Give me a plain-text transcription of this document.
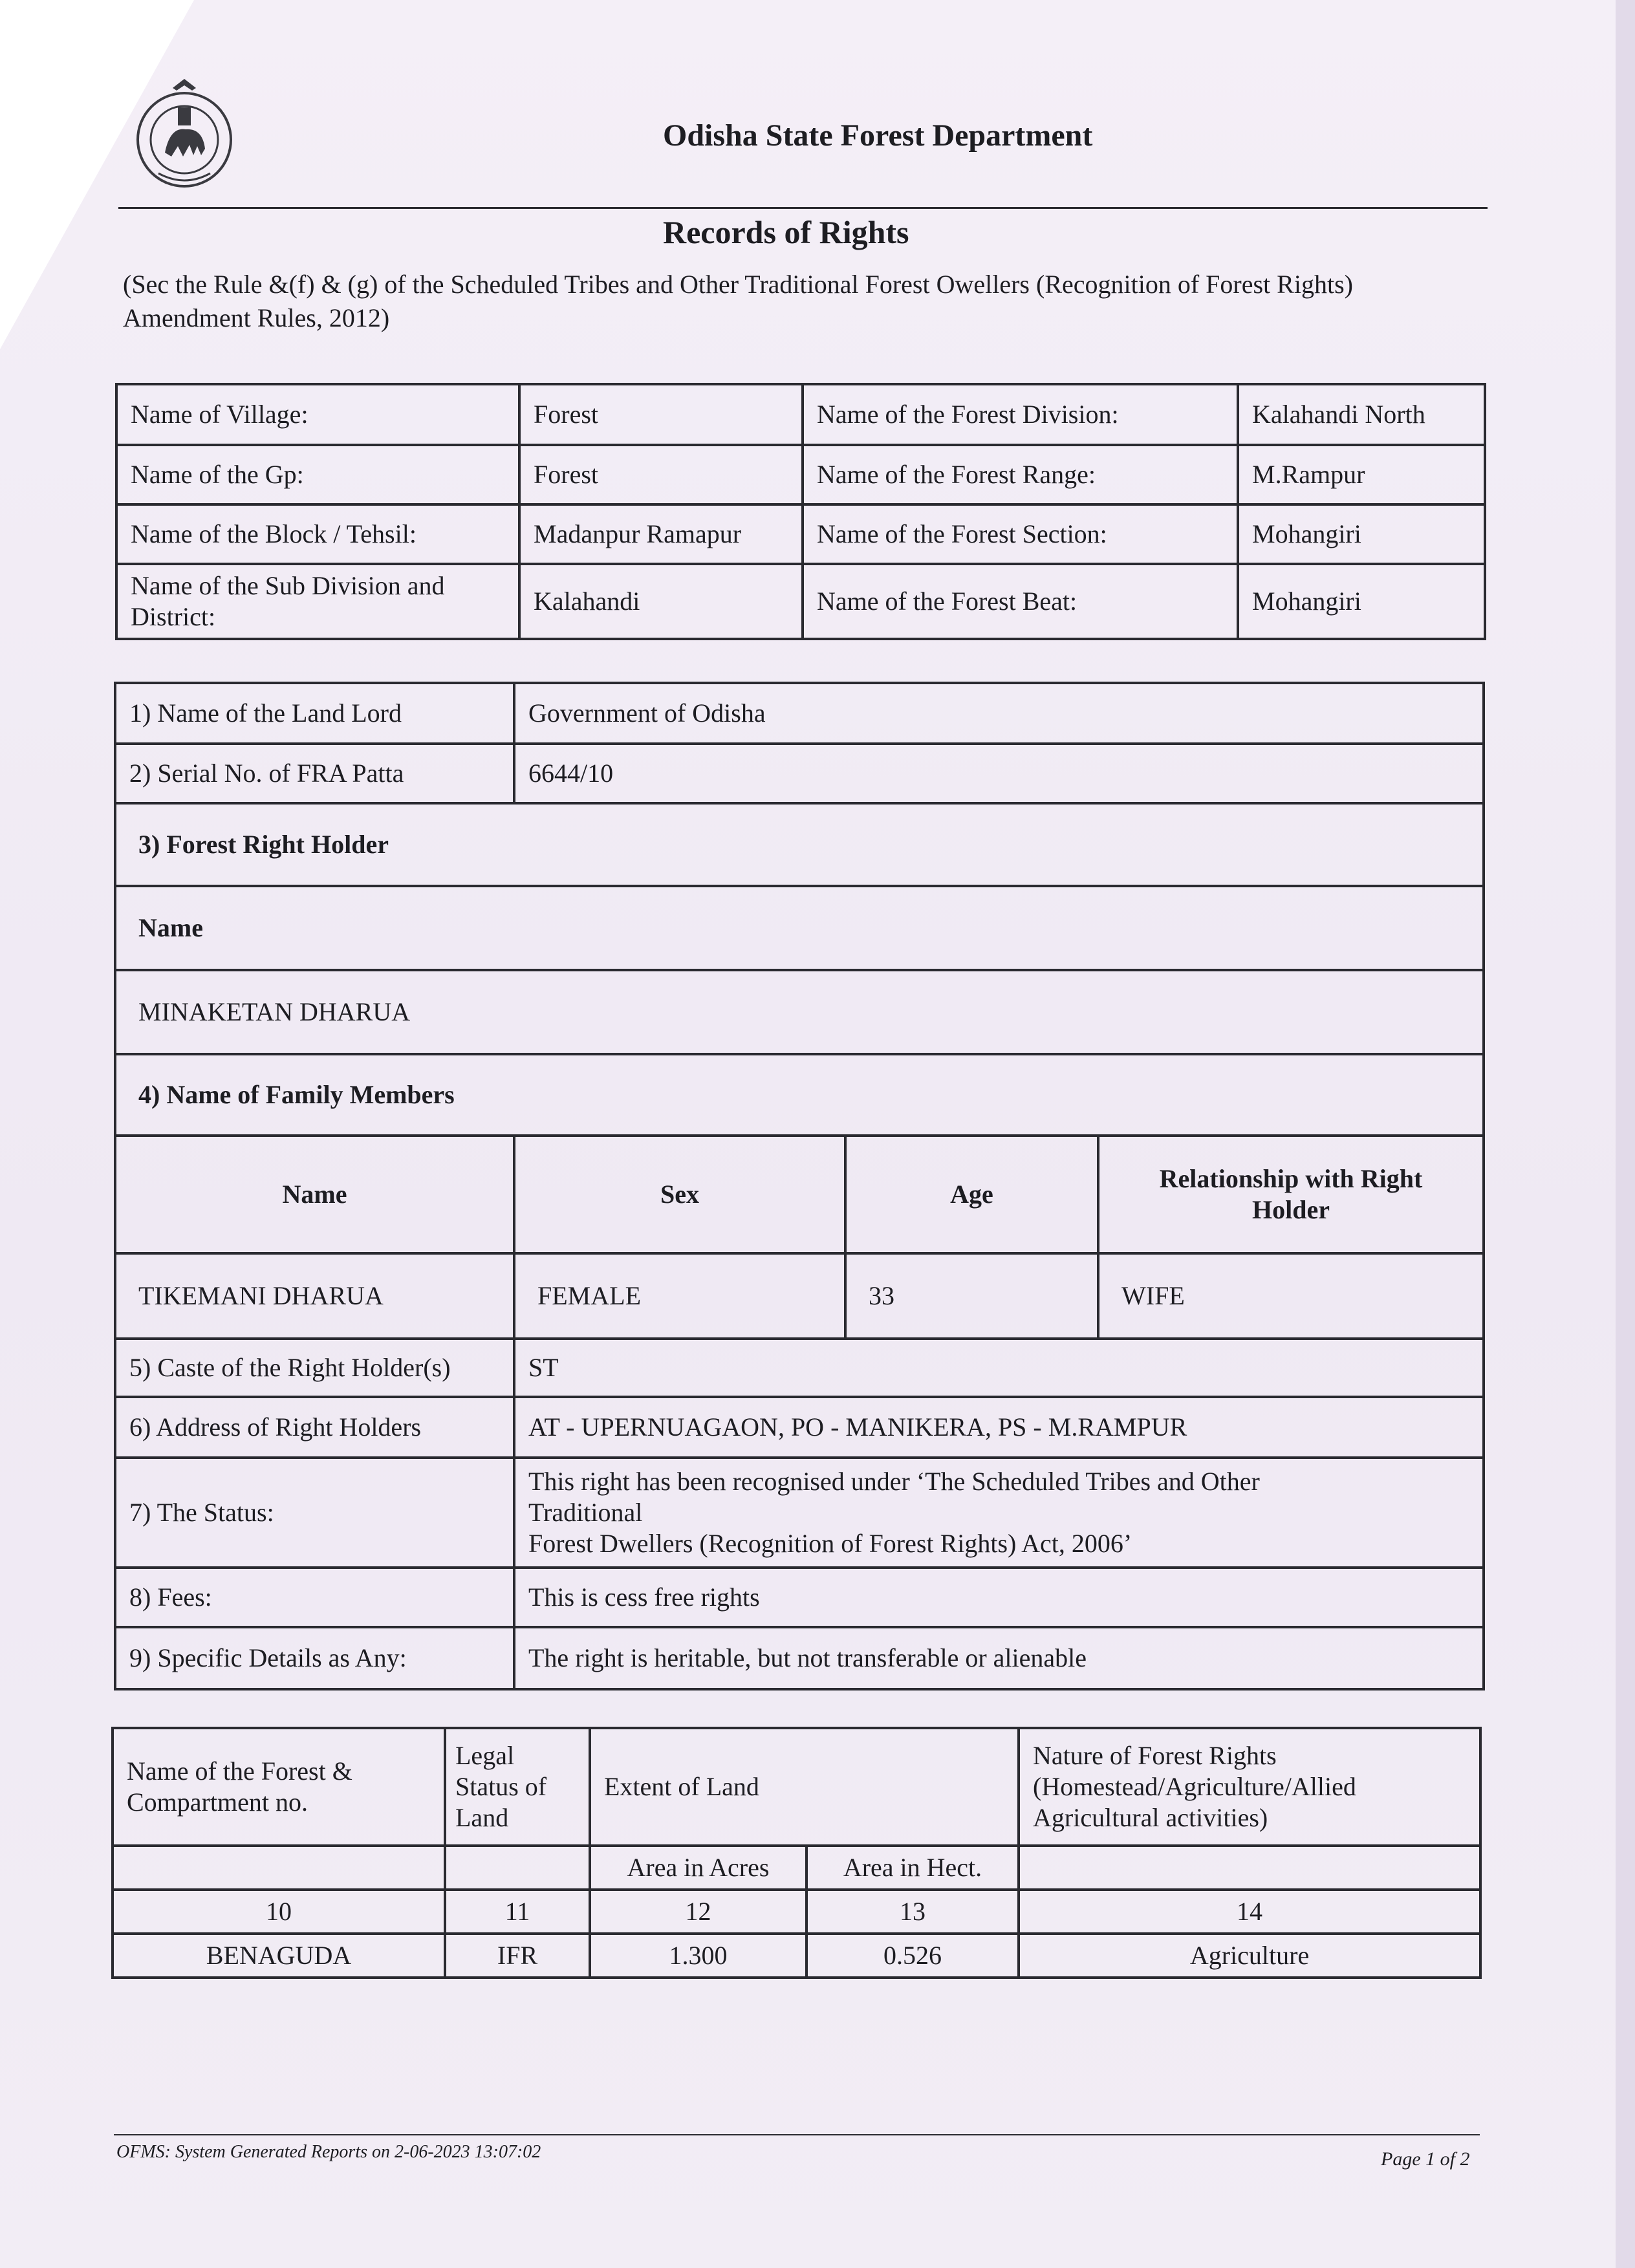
Odisha State Forest Department
Records of Rights
(Sec the Rule &(f) & (g) of the Scheduled Tribes and Other Traditional Forest Owellers (Recognition of Forest Rights) Amendment Rules, 2012)
Name of Village:	Forest	Name of the Forest Division:	Kalahandi North
Name of the Gp:	Forest	Name of the Forest Range:	M.Rampur
Name of the Block / Tehsil:	Madanpur Ramapur	Name of the Forest Section:	Mohangiri
Name of the Sub Division and District:	Kalahandi	Name of the Forest Beat:	Mohangiri
1) Name of the Land Lord	Government of Odisha		
2) Serial No. of FRA Patta	6644/10		
3) Forest Right Holder			
Name			
MINAKETAN DHARUA			
4) Name of Family Members			
Name	Sex	Age	Relationship with Right Holder
TIKEMANI DHARUA	FEMALE	33	WIFE
5) Caste of the Right Holder(s)	ST		
6) Address of Right Holders	AT - UPERNUAGAON, PO - MANIKERA, PS - M.RAMPUR		
7) The Status:	This right has been recognised under ‘The Scheduled Tribes and Other Traditional
Forest Dwellers (Recognition of Forest Rights) Act, 2006’		

8) Fees:	This is cess free rights		
9) Specific Details as Any:	The right is heritable, but not transferable or alienable		
Name of the Forest & Compartment no.	Legal Status of Land	Extent of Land		Nature of Forest Rights (Homestead/Agriculture/Allied Agricultural activities)
		Area in Acres	Area in Hect.	
10	11	12	13	14
BENAGUDA	IFR	1.300	0.526	Agriculture
OFMS: System Generated Reports on 2-06-2023 13:07:02	Page 1 of 2
